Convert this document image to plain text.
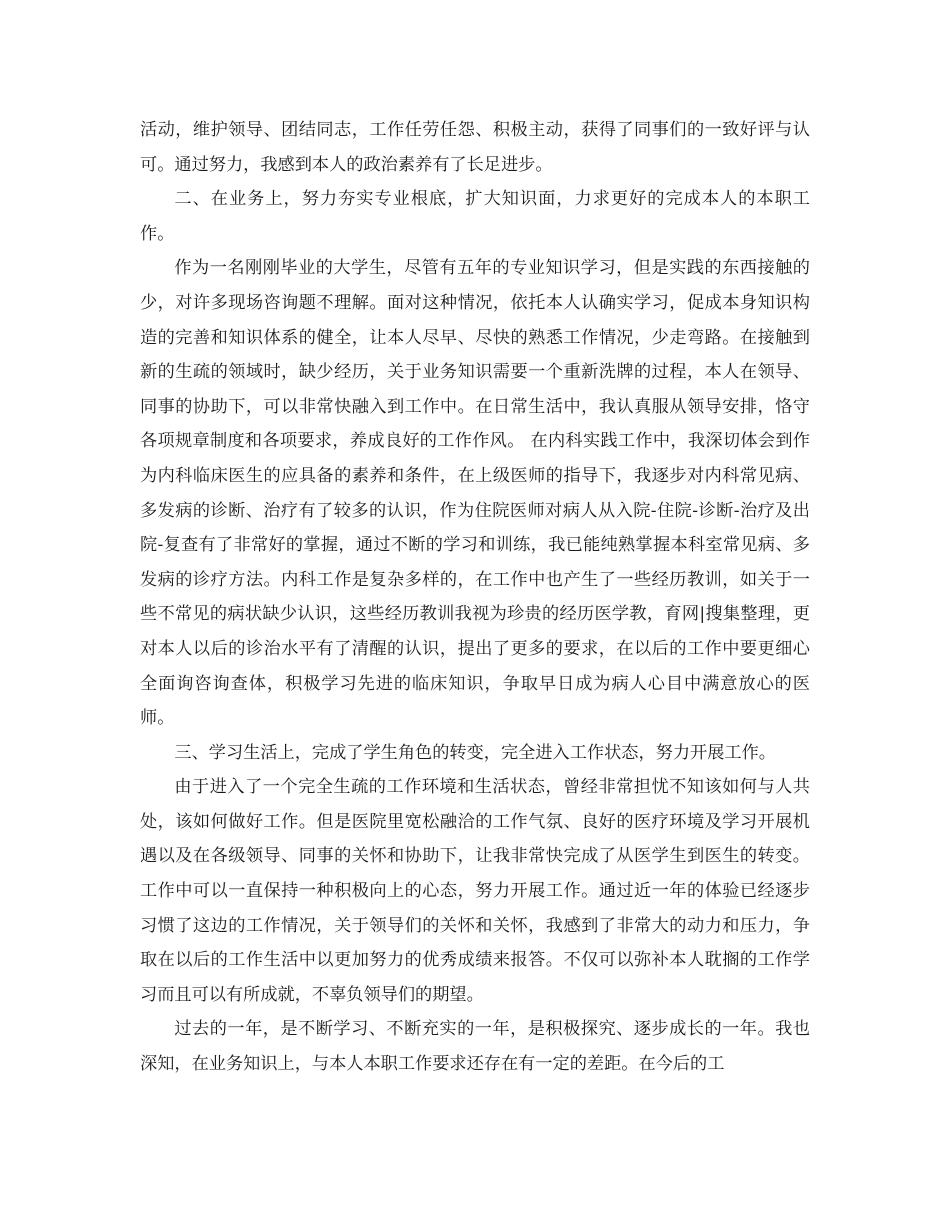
活动，维护领导、团结同志，工作任劳任怨、积极主动，获得了同事们的一致好评与认可。通过努力，我感到本人的政治素养有了长足进步。

二、在业务上，努力夯实专业根底，扩大知识面，力求更好的完成本人的本职工作。

作为一名刚刚毕业的大学生，尽管有五年的专业知识学习，但是实践的东西接触的少，对许多现场咨询题不理解。面对这种情况，依托本人认确实学习，促成本身知识构造的完善和知识体系的健全，让本人尽早、尽快的熟悉工作情况，少走弯路。在接触到新的生疏的领域时，缺少经历，关于业务知识需要一个重新洗牌的过程，本人在领导、同事的协助下，可以非常快融入到工作中。在日常生活中，我认真服从领导安排，恪守各项规章制度和各项要求，养成良好的工作作风。 在内科实践工作中，我深切体会到作为内科临床医生的应具备的素养和条件，在上级医师的指导下，我逐步对内科常见病、多发病的诊断、治疗有了较多的认识，作为住院医师对病人从入院-住院-诊断-治疗及出院-复查有了非常好的掌握，通过不断的学习和训练，我已能纯熟掌握本科室常见病、多发病的诊疗方法。内科工作是复杂多样的，在工作中也产生了一些经历教训，如关于一些不常见的病状缺少认识，这些经历教训我视为珍贵的经历医学教，育网|搜集整理，更对本人以后的诊治水平有了清醒的认识，提出了更多的要求，在以后的工作中要更细心全面询咨询查体，积极学习先进的临床知识，争取早日成为病人心目中满意放心的医师。

三、学习生活上，完成了学生角色的转变，完全进入工作状态，努力开展工作。

由于进入了一个完全生疏的工作环境和生活状态，曾经非常担忧不知该如何与人共处，该如何做好工作。但是医院里宽松融洽的工作气氛、良好的医疗环境及学习开展机遇以及在各级领导、同事的关怀和协助下，让我非常快完成了从医学生到医生的转变。工作中可以一直保持一种积极向上的心态，努力开展工作。通过近一年的体验已经逐步习惯了这边的工作情况，关于领导们的关怀和关怀，我感到了非常大的动力和压力，争取在以后的工作生活中以更加努力的优秀成绩来报答。不仅可以弥补本人耽搁的工作学习而且可以有所成就，不辜负领导们的期望。

过去的一年，是不断学习、不断充实的一年，是积极探究、逐步成长的一年。我也深知，在业务知识上，与本人本职工作要求还存在有一定的差距。在今后的工
